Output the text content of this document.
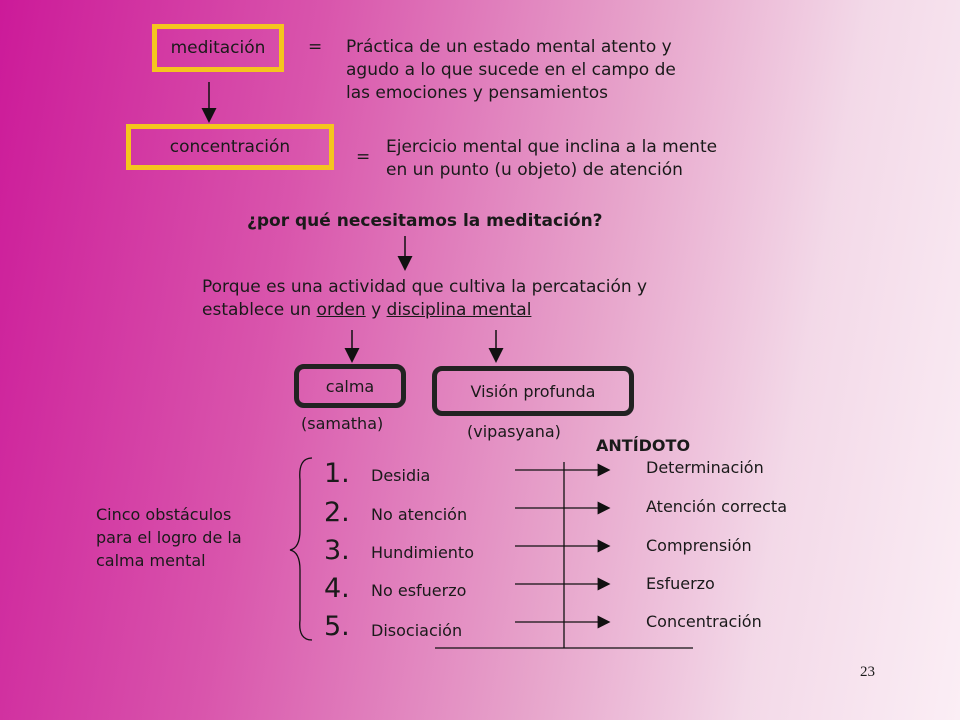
meditación	= Práctica de un estado mental atento y
agudo a lo que sucede en el campo de
las emociones y pensamientos
concentración	= Ejercicio mental que inclina a la mente
en un punto (u objeto) de atención
¿por qué necesitamos la meditación?
Porque es una actividad que cultiva la percatación y
establece un orden y disciplina mental
calma
(samatha)
Visión profunda
(vipasyana)
ANTÍDOTO
Cinco obstáculos
para el logro de la
calma mental
1. Desidia
2. No atención
3. Hundimiento
4. No esfuerzo
5. Disociación
Determinación
Atención correcta
Comprensión
Esfuerzo
Concentración
23
